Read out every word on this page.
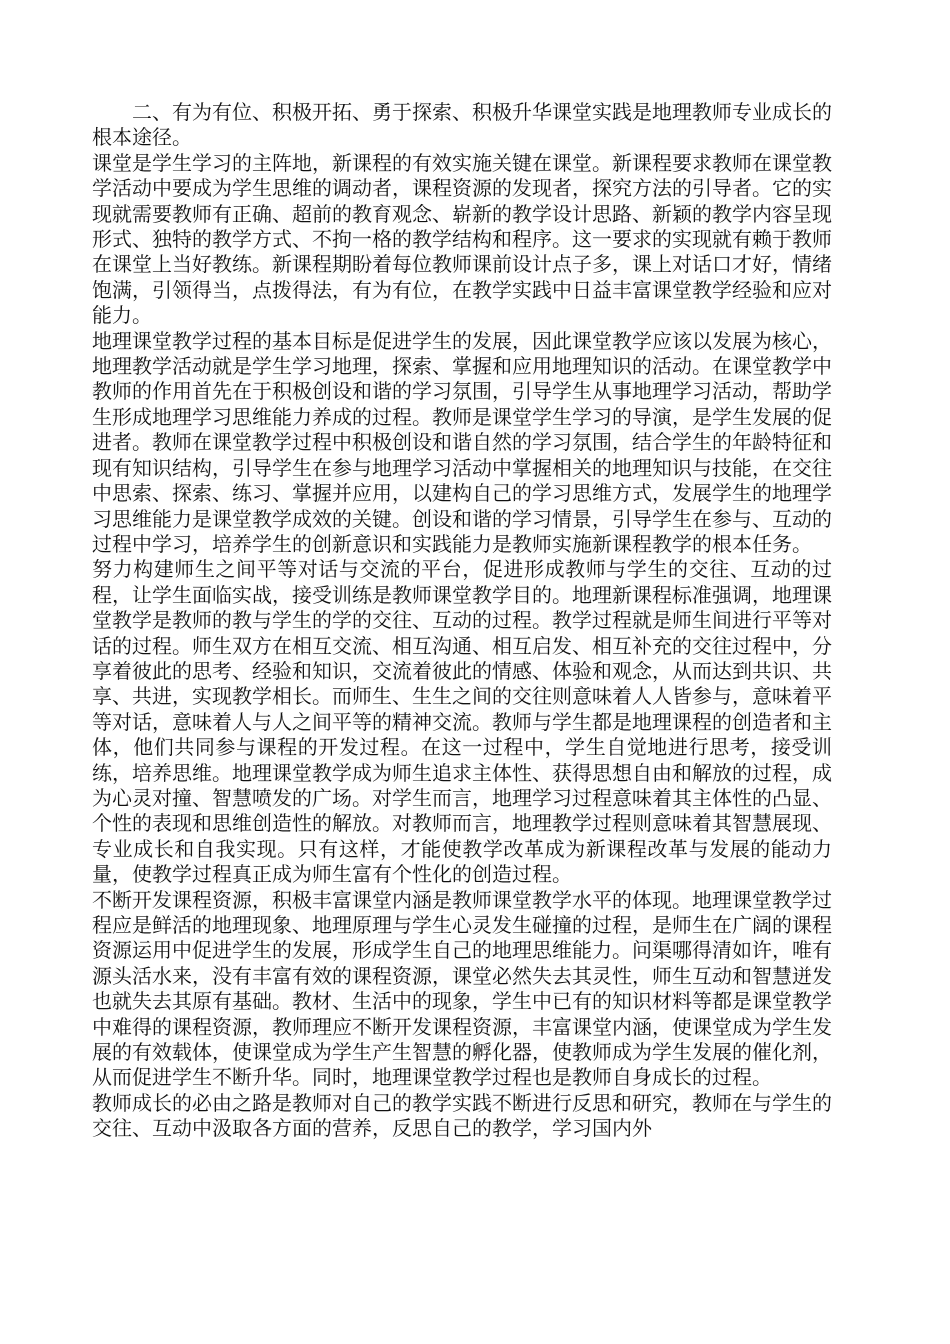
二、有为有位、积极开拓、勇于探索、积极升华课堂实践是地理教师专业成长的根本途径。

课堂是学生学习的主阵地，新课程的有效实施关键在课堂。新课程要求教师在课堂教学活动中要成为学生思维的调动者，课程资源的发现者，探究方法的引导者。它的实现就需要教师有正确、超前的教育观念、崭新的教学设计思路、新颖的教学内容呈现形式、独特的教学方式、不拘一格的教学结构和程序。这一要求的实现就有赖于教师在课堂上当好教练。新课程期盼着每位教师课前设计点子多，课上对话口才好，情绪饱满，引领得当，点拨得法，有为有位，在教学实践中日益丰富课堂教学经验和应对能力。

地理课堂教学过程的基本目标是促进学生的发展，因此课堂教学应该以发展为核心，地理教学活动就是学生学习地理，探索、掌握和应用地理知识的活动。在课堂教学中教师的作用首先在于积极创设和谐的学习氛围，引导学生从事地理学习活动，帮助学生形成地理学习思维能力养成的过程。教师是课堂学生学习的导演，是学生发展的促进者。教师在课堂教学过程中积极创设和谐自然的学习氛围，结合学生的年龄特征和现有知识结构，引导学生在参与地理学习活动中掌握相关的地理知识与技能，在交往中思索、探索、练习、掌握并应用，以建构自己的学习思维方式，发展学生的地理学习思维能力是课堂教学成效的关键。创设和谐的学习情景，引导学生在参与、互动的过程中学习，培养学生的创新意识和实践能力是教师实施新课程教学的根本任务。

努力构建师生之间平等对话与交流的平台，促进形成教师与学生的交往、互动的过程，让学生面临实战，接受训练是教师课堂教学目的。地理新课程标准强调，地理课堂教学是教师的教与学生的学的交往、互动的过程。教学过程就是师生间进行平等对话的过程。师生双方在相互交流、相互沟通、相互启发、相互补充的交往过程中，分享着彼此的思考、经验和知识，交流着彼此的情感、体验和观念，从而达到共识、共享、共进，实现教学相长。而师生、生生之间的交往则意味着人人皆参与，意味着平等对话，意味着人与人之间平等的精神交流。教师与学生都是地理课程的创造者和主体，他们共同参与课程的开发过程。在这一过程中，学生自觉地进行思考，接受训练，培养思维。地理课堂教学成为师生追求主体性、获得思想自由和解放的过程，成为心灵对撞、智慧喷发的广场。对学生而言，地理学习过程意味着其主体性的凸显、个性的表现和思维创造性的解放。对教师而言，地理教学过程则意味着其智慧展现、专业成长和自我实现。只有这样，才能使教学改革成为新课程改革与发展的能动力量，使教学过程真正成为师生富有个性化的创造过程。

不断开发课程资源，积极丰富课堂内涵是教师课堂教学水平的体现。地理课堂教学过程应是鲜活的地理现象、地理原理与学生心灵发生碰撞的过程，是师生在广阔的课程资源运用中促进学生的发展，形成学生自己的地理思维能力。问渠哪得清如许，唯有源头活水来，没有丰富有效的课程资源，课堂必然失去其灵性，师生互动和智慧迸发也就失去其原有基础。教材、生活中的现象，学生中已有的知识材料等都是课堂教学中难得的课程资源，教师理应不断开发课程资源，丰富课堂内涵，使课堂成为学生发展的有效载体，使课堂成为学生产生智慧的孵化器，使教师成为学生发展的催化剂，从而促进学生不断升华。同时，地理课堂教学过程也是教师自身成长的过程。

教师成长的必由之路是教师对自己的教学实践不断进行反思和研究，教师在与学生的交往、互动中汲取各方面的营养，反思自己的教学，学习国内外
